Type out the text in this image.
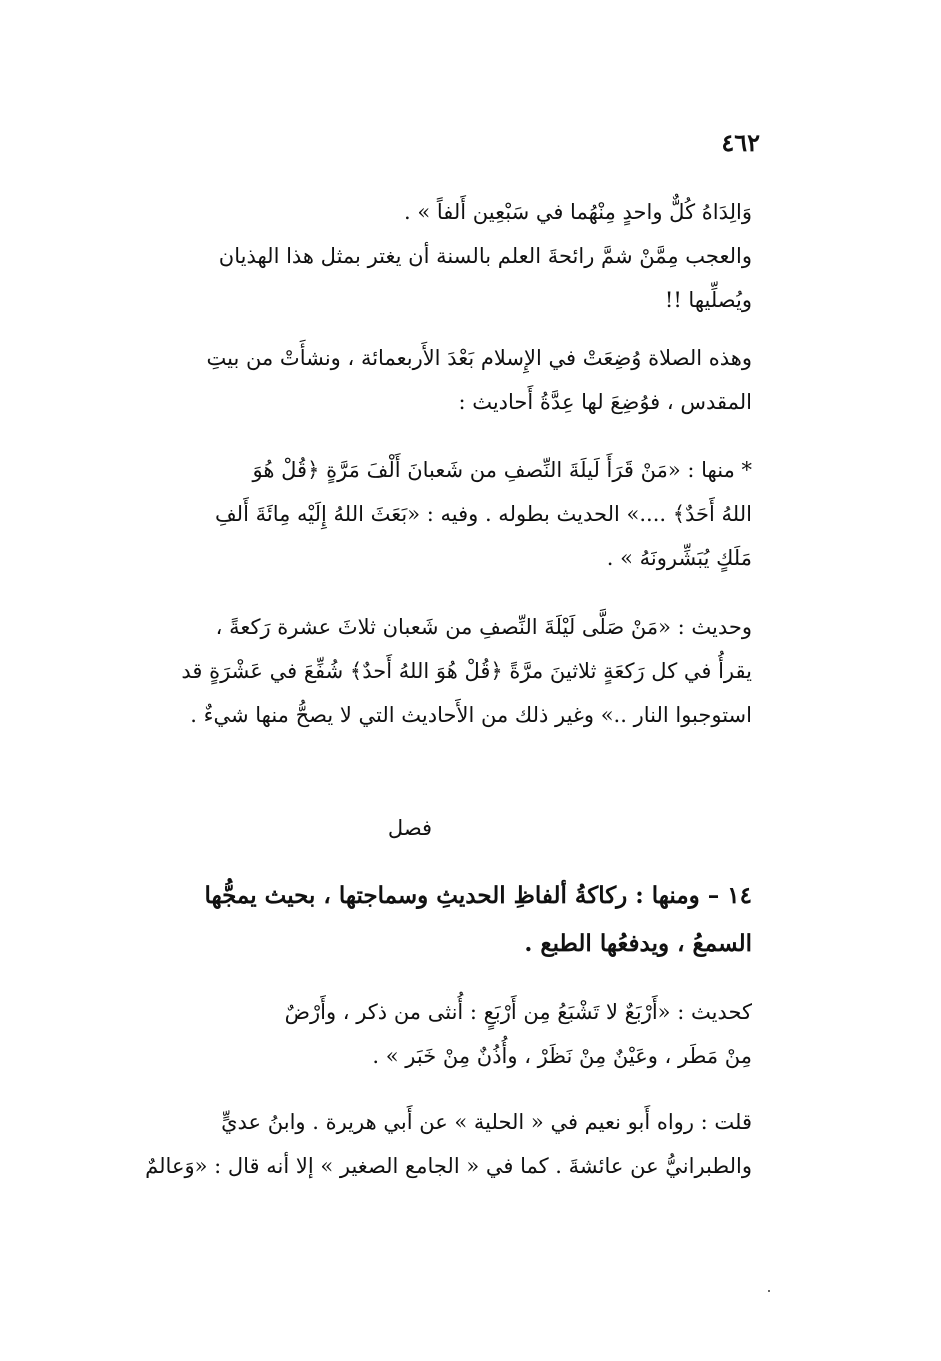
٤٦٢
وَالِدَاهُ كُلٌّ واحدٍ مِنْهُما في سَبْعِين أَلفاً » .
والعجب مِمَّنْ شمَّ رائحةَ العلم بالسنة أن يغتر بمثل هذا الهذيان
ويُصلِّيها !!
وهذه الصلاة وُضِعَتْ في الإِسلام بَعْدَ الأَربعمائة ، ونشأَتْ من بيتِ
المقدس ، فوُضِعَ لها عِدَّةُ أَحاديث :
* منها : «مَنْ قَرَأَ لَيلَةَ النِّصفِ من شَعبانَ أَلْفَ مَرَّةٍ ﴿قُلْ هُوَ
اللهُ أَحَدٌ﴾ ....» الحديث بطوله . وفيه : «بَعَثَ اللهُ إِلَيْه مِائَةَ أَلفِ
مَلَكٍ يُبَشِّرونَهُ » .
وحديث : «مَنْ صَلَّى لَيْلَةَ النِّصفِ من شَعبان ثلاثَ عشرة رَكعةً ،
يقرأُ في كل رَكعَةٍ ثلاثينَ مرَّةً ﴿قُلْ هُوَ اللهُ أَحدٌ﴾ شُفِّعَ في عَشْرَةٍ قد
استوجبوا النار ..» وغير ذلك من الأَحاديث التي لا يصحُّ منها شيءٌ .
فصل
١٤ – ومنها : ركاكةُ ألفاظِ الحديثِ وسماجتها ، بحيث يمجُّها
السمعُ ، ويدفعُها الطبع .
كحديث : «أَرْبَعٌ لا تَشْبَعُ مِن أَرْبَعٍ : أُنثى من ذكر ، وأَرْضٌ
مِنْ مَطَر ، وعَيْنٌ مِنْ نَظَرْ ، وأُذُنٌ مِنْ خَبَر » .
قلت : رواه أَبو نعيم في « الحلية » عن أَبي هريرة . وابنُ عديٍّ
والطبرانيُّ عن عائشةَ . كما في « الجامع الصغير » إلا أنه قال : «وَعالمٌ
